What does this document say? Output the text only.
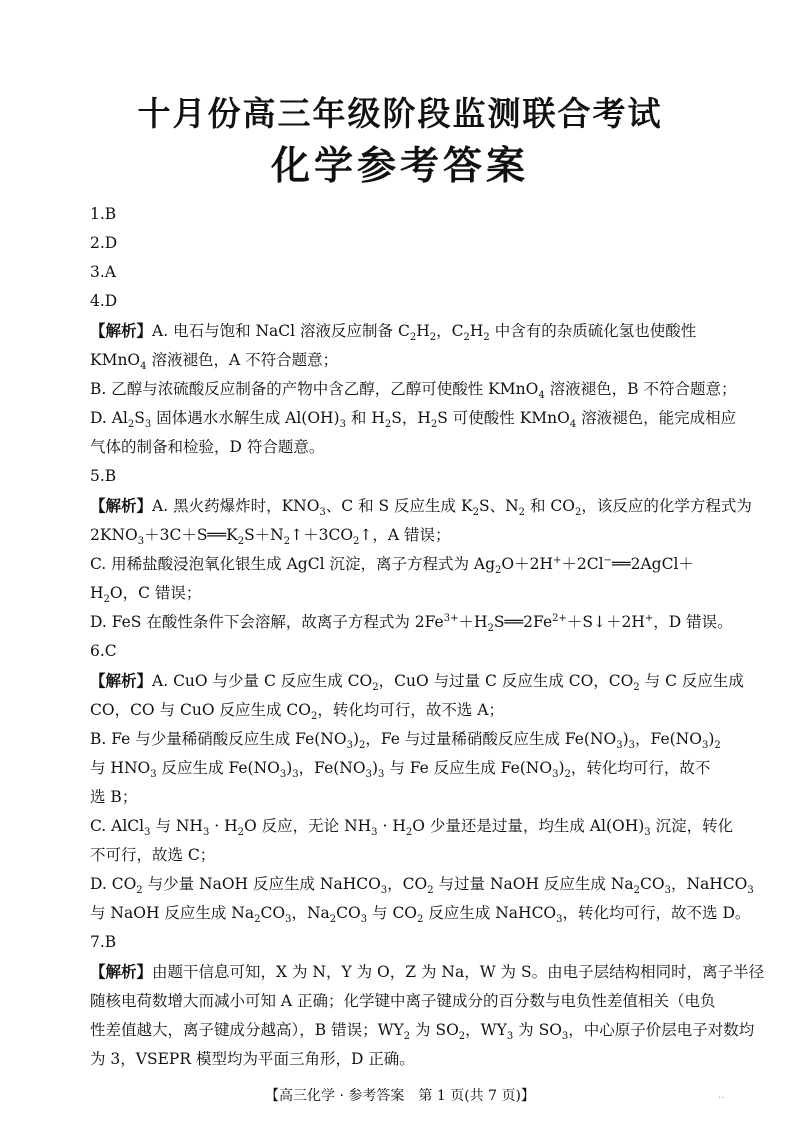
十月份高三年级阶段监测联合考试
化学参考答案
1.B
2.D
3.A
4.D
【解析】A. 电石与饱和 NaCl 溶液反应制备 $C_2H_2$，$C_2H_2$ 中含有的杂质硫化氢也使酸性
KMnO$_4$ 溶液褪色，A 不符合题意；
B. 乙醇与浓硫酸反应制备的产物中含乙醇，乙醇可使酸性 KMnO$_4$ 溶液褪色，B 不符合题意；
D. $Al_2S_3$ 固体遇水水解生成 $Al(OH)_3$ 和 $H_2S$，$H_2S$ 可使酸性 KMnO$_4$ 溶液褪色，能完成相应
气体的制备和检验，D 符合题意。
5.B
【解析】A. 黑火药爆炸时，$KNO_3$、C 和 S 反应生成 $K_2S$、$N_2$ 和 $CO_2$，该反应的化学方程式为
$2KNO_3+3C+S══K_2S+N_2↑+3CO_2↑$，A 错误；
C. 用稀盐酸浸泡氧化银生成 AgCl 沉淀，离子方程式为 $Ag_2O+2H^++2Cl^-══2AgCl+$
$H_2O$，C 错误；
D. FeS 在酸性条件下会溶解，故离子方程式为 $2Fe^{3+}+H_2S══2Fe^{2+}+S↓+2H^+$，D 错误。
6.C
【解析】A. CuO 与少量 C 反应生成 $CO_2$，CuO 与过量 C 反应生成 CO，$CO_2$ 与 C 反应生成
CO，CO 与 CuO 反应生成 $CO_2$，转化均可行，故不选 A；
B. Fe 与少量稀硝酸反应生成 $Fe(NO_3)_2$，Fe 与过量稀硝酸反应生成 $Fe(NO_3)_3$，$Fe(NO_3)_2$
与 $HNO_3$ 反应生成 $Fe(NO_3)_3$，$Fe(NO_3)_3$ 与 Fe 反应生成 $Fe(NO_3)_2$，转化均可行，故不
选 B；
C. AlCl$_3$ 与 $NH_3 \cdot H_2O$ 反应，无论 $NH_3 \cdot H_2O$ 少量还是过量，均生成 $Al(OH)_3$ 沉淀，转化
不可行，故选 C；
D. $CO_2$ 与少量 NaOH 反应生成 NaHCO$_3$，$CO_2$ 与过量 NaOH 反应生成 $Na_2CO_3$，NaHCO$_3$
与 NaOH 反应生成 $Na_2CO_3$，$Na_2CO_3$ 与 $CO_2$ 反应生成 NaHCO$_3$，转化均可行，故不选 D。
7.B
【解析】由题干信息可知，X 为 N，Y 为 O，Z 为 Na，W 为 S。由电子层结构相同时，离子半径
随核电荷数增大而减小可知 A 正确；化学键中离子键成分的百分数与电负性差值相关（电负
性差值越大，离子键成分越高），B 错误；$WY_2$ 为 $SO_2$，$WY_3$ 为 $SO_3$，中心原子价层电子对数均
为 3，VSEPR 模型均为平面三角形，D 正确。
【高三化学 · 参考答案　第 1 页(共 7 页)】	..
